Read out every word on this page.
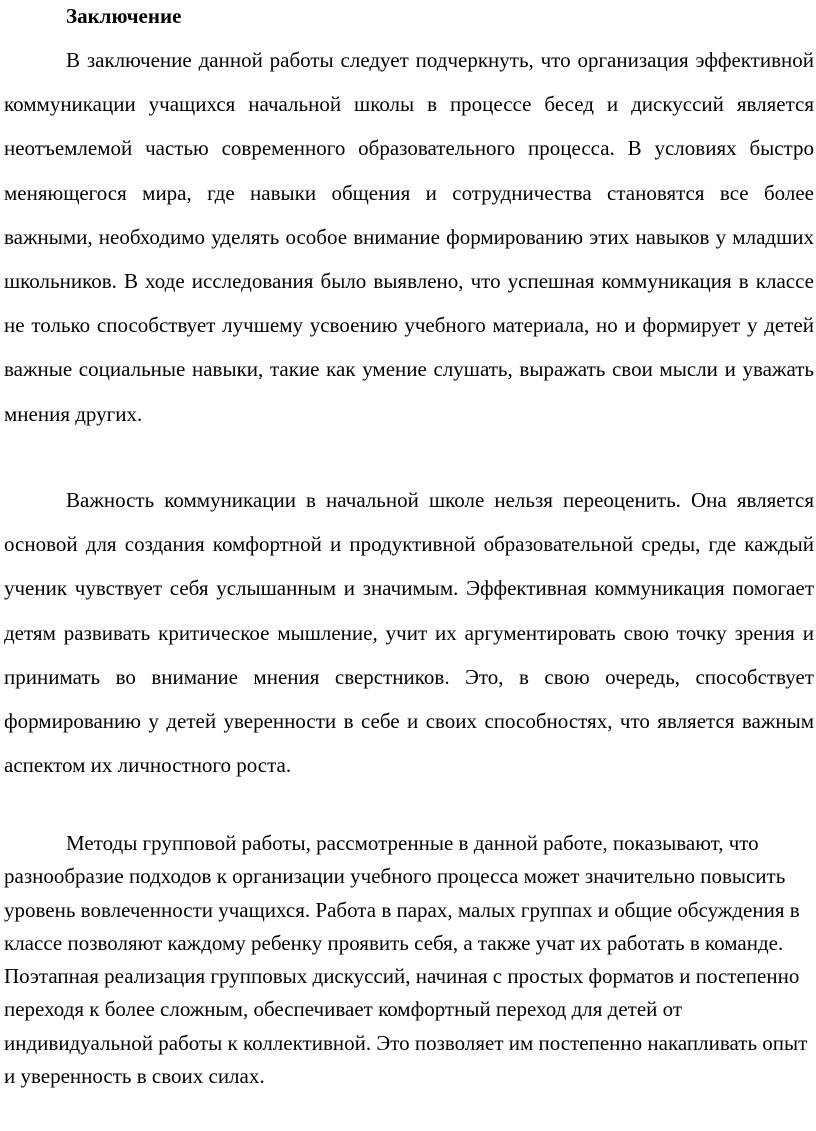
Заключение

В заключение данной работы следует подчеркнуть, что организация эффективной коммуникации учащихся начальной школы в процессе бесед и дискуссий является неотъемлемой частью современного образовательного процесса. В условиях быстро меняющегося мира, где навыки общения и сотрудничества становятся все более важными, необходимо уделять особое внимание формированию этих навыков у младших школьников. В ходе исследования было выявлено, что успешная коммуникация в классе не только способствует лучшему усвоению учебного материала, но и формирует у детей важные социальные навыки, такие как умение слушать, выражать свои мысли и уважать мнения других.

Важность коммуникации в начальной школе нельзя переоценить. Она является основой для создания комфортной и продуктивной образовательной среды, где каждый ученик чувствует себя услышанным и значимым. Эффективная коммуникация помогает детям развивать критическое мышление, учит их аргументировать свою точку зрения и принимать во внимание мнения сверстников. Это, в свою очередь, способствует формированию у детей уверенности в себе и своих способностях, что является важным аспектом их личностного роста.

Методы групповой работы, рассмотренные в данной работе, показывают, что разнообразие подходов к организации учебного процесса может значительно повысить уровень вовлеченности учащихся. Работа в парах, малых группах и общие обсуждения в классе позволяют каждому ребенку проявить себя, а также учат их работать в команде. Поэтапная реализация групповых дискуссий, начиная с простых форматов и постепенно переходя к более сложным, обеспечивает комфортный переход для детей от индивидуальной работы к коллективной. Это позволяет им постепенно накапливать опыт и уверенность в своих силах.
